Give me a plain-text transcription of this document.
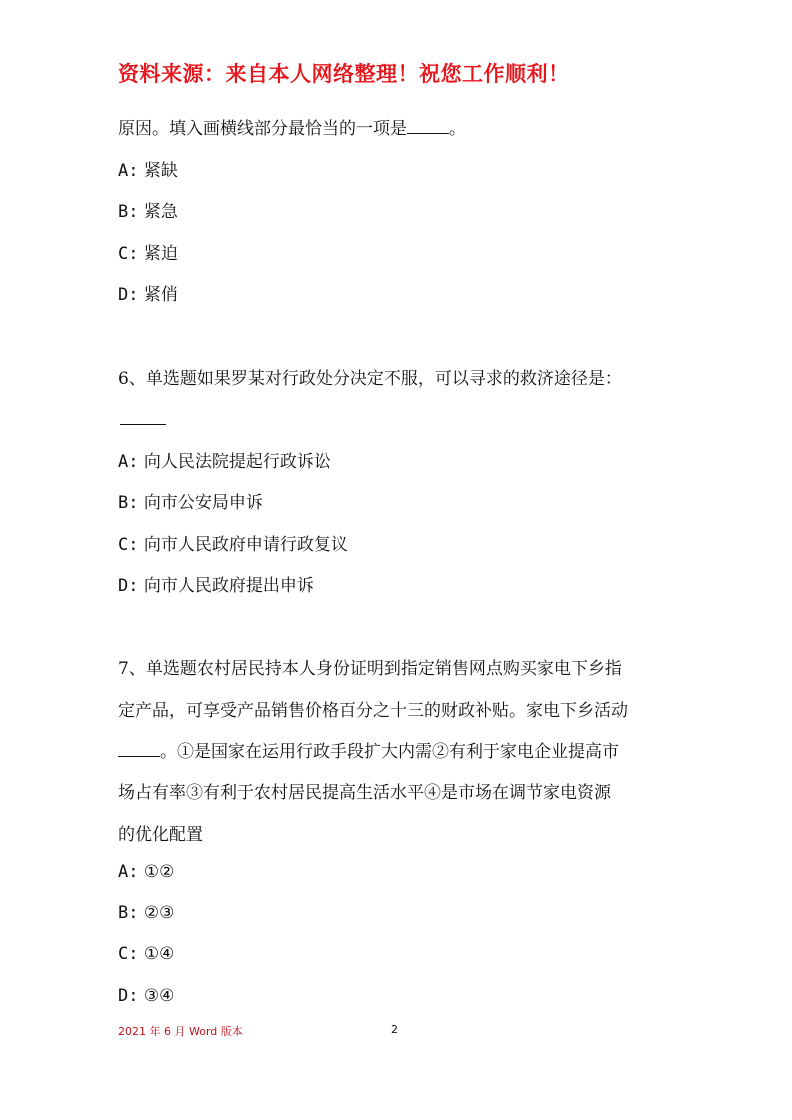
资料来源：来自本人网络整理！祝您工作顺利！
原因。填入画横线部分最恰当的一项是 。
A: 紧缺
B: 紧急
C: 紧迫
D: 紧俏
6、单选题如果罗某对行政处分决定不服，可以寻求的救济途径是：
A: 向人民法院提起行政诉讼
B: 向市公安局申诉
C: 向市人民政府申请行政复议
D: 向市人民政府提出申诉
7、单选题农村居民持本人身份证明到指定销售网点购买家电下乡指
定产品，可享受产品销售价格百分之十三的财政补贴。家电下乡活动
。①是国家在运用行政手段扩大内需②有利于家电企业提高市
场占有率③有利于农村居民提高生活水平④是市场在调节家电资源
的优化配置
A: ①②
B: ②③
C: ①④
D: ③④
2021 年 6 月 Word 版本	2
